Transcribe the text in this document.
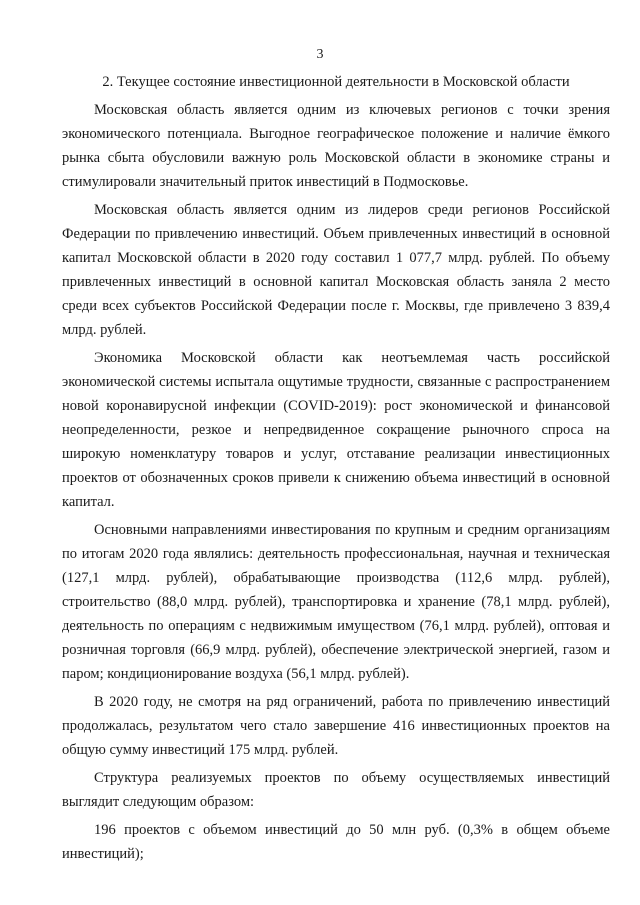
3
2. Текущее состояние инвестиционной деятельности в Московской области

Московская область является одним из ключевых регионов с точки зрения экономического потенциала. Выгодное географическое положение и наличие ёмкого рынка сбыта обусловили важную роль Московской области в экономике страны и стимулировали значительный приток инвестиций в Подмосковье.

Московская область является одним из лидеров среди регионов Российской Федерации по привлечению инвестиций. Объем привлеченных инвестиций в основной капитал Московской области в 2020 году составил 1 077,7 млрд. рублей. По объему привлеченных инвестиций в основной капитал Московская область заняла 2 место среди всех субъектов Российской Федерации после г. Москвы, где привлечено 3 839,4 млрд. рублей.

Экономика Московской области как неотъемлемая часть российской экономической системы испытала ощутимые трудности, связанные с распространением новой коронавирусной инфекции (COVID-2019): рост экономической и финансовой неопределенности, резкое и непредвиденное сокращение рыночного спроса на широкую номенклатуру товаров и услуг, отставание реализации инвестиционных проектов от обозначенных сроков привели к снижению объема инвестиций в основной капитал.

Основными направлениями инвестирования по крупным и средним организациям по итогам 2020 года являлись: деятельность профессиональная, научная и техническая (127,1 млрд. рублей), обрабатывающие производства (112,6 млрд. рублей), строительство (88,0 млрд. рублей), транспортировка и хранение (78,1 млрд. рублей), деятельность по операциям с недвижимым имуществом (76,1 млрд. рублей), оптовая и розничная торговля (66,9 млрд. рублей), обеспечение электрической энергией, газом и паром; кондиционирование воздуха (56,1 млрд. рублей).

В 2020 году, не смотря на ряд ограничений, работа по привлечению инвестиций продолжалась, результатом чего стало завершение 416 инвестиционных проектов на общую сумму инвестиций 175 млрд. рублей.

Структура реализуемых проектов по объему осуществляемых инвестиций выглядит следующим образом:

196 проектов с объемом инвестиций до 50 млн руб. (0,3% в общем объеме инвестиций);
